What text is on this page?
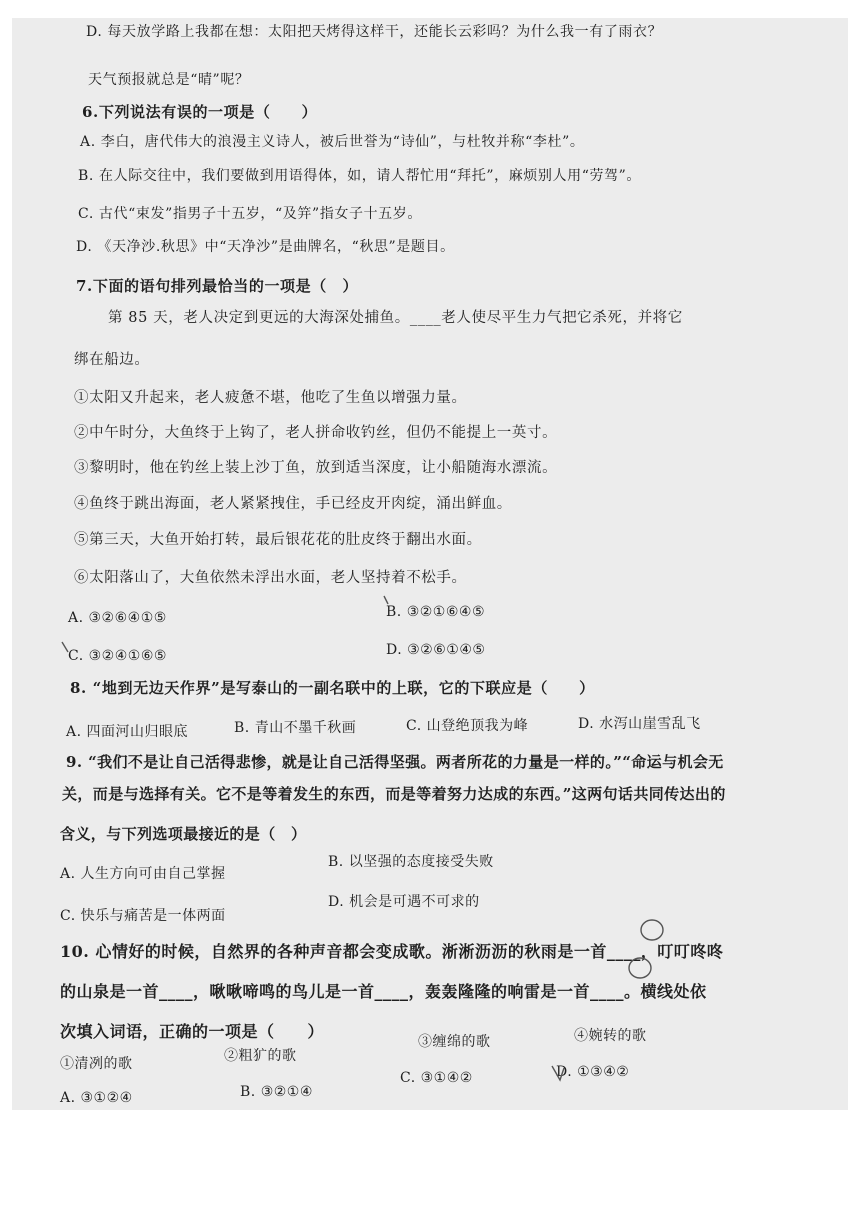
D. 每天放学路上我都在想：太阳把天烤得这样干，还能长云彩吗？为什么我一有了雨衣？
天气预报就总是“晴”呢？
6.下列说法有误的一项是（　　）
A. 李白，唐代伟大的浪漫主义诗人，被后世誉为“诗仙”，与杜牧并称“李杜”。
B. 在人际交往中，我们要做到用语得体，如，请人帮忙用“拜托”，麻烦别人用“劳驾”。
C. 古代“束发”指男子十五岁，“及笄”指女子十五岁。
D. 《天净沙.秋思》中“天净沙”是曲牌名，“秋思”是题目。
7.下面的语句排列最恰当的一项是（　）
第 85 天，老人决定到更远的大海深处捕鱼。____老人使尽平生力气把它杀死，并将它
绑在船边。
①太阳又升起来，老人疲惫不堪，他吃了生鱼以增强力量。
②中午时分，大鱼终于上钩了，老人拼命收钓丝，但仍不能提上一英寸。
③黎明时，他在钓丝上装上沙丁鱼，放到适当深度，让小船随海水漂流。
④鱼终于跳出海面，老人紧紧拽住，手已经皮开肉绽，涌出鲜血。
⑤第三天，大鱼开始打转，最后银花花的肚皮终于翻出水面。
⑥太阳落山了，大鱼依然未浮出水面，老人坚持着不松手。
A. ③②⑥④①⑤	B. ③②①⑥④⑤
C. ③②④①⑥⑤	D. ③②⑥①④⑤
8. “地到无边天作界”是写泰山的一副名联中的上联，它的下联应是（　　）
A. 四面河山归眼底	B. 青山不墨千秋画	C. 山登绝顶我为峰	D. 水泻山崖雪乱飞
9. “我们不是让自己活得悲惨，就是让自己活得坚强。两者所花的力量是一样的。”“命运与机会无
关，而是与选择有关。它不是等着发生的东西，而是等着努力达成的东西。”这两句话共同传达出的
含义，与下列选项最接近的是（　）
A. 人生方向可由自己掌握
B. 以坚强的态度接受失败
C. 快乐与痛苦是一体两面
D. 机会是可遇不可求的
10. 心情好的时候，自然界的各种声音都会变成歌。淅淅沥沥的秋雨是一首____，叮叮咚咚
的山泉是一首____，啾啾啼鸣的鸟儿是一首____，轰轰隆隆的响雷是一首____。横线处依
次填入词语，正确的一项是（　　）
①清冽的歌	②粗犷的歌
③缠绵的歌	④婉转的歌
A. ③①②④	B. ③②①④
C. ③①④②	D. ①③④②
